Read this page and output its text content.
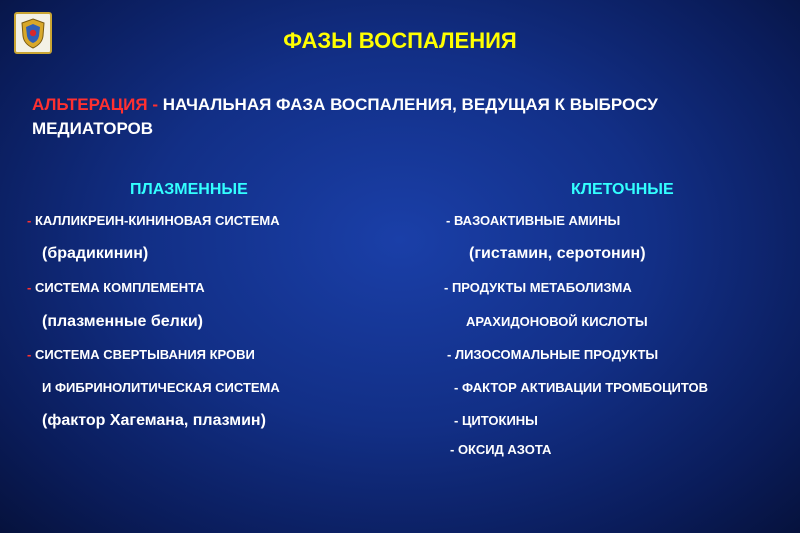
ФАЗЫ ВОСПАЛЕНИЯ
АЛЬТЕРАЦИЯ - НАЧАЛЬНАЯ ФАЗА ВОСПАЛЕНИЯ, ВЕДУЩАЯ К ВЫБРОСУ МЕДИАТОРОВ
ПЛАЗМЕННЫЕ	КЛЕТОЧНЫЕ
- КАЛЛИКРЕИН-КИНИНОВАЯ СИСТЕМА
(брадикинин)
- СИСТЕМА КОМПЛЕМЕНТА
(плазменные белки)
- СИСТЕМА СВЕРТЫВАНИЯ КРОВИ
И ФИБРИНОЛИТИЧЕСКАЯ СИСТЕМА
(фактор Хагемана, плазмин)
- ВАЗОАКТИВНЫЕ АМИНЫ
(гистамин, серотонин)
- ПРОДУКТЫ МЕТАБОЛИЗМА
АРАХИДОНОВОЙ КИСЛОТЫ
- ЛИЗОСОМАЛЬНЫЕ ПРОДУКТЫ
- ФАКТОР АКТИВАЦИИ ТРОМБОЦИТОВ
- ЦИТОКИНЫ
- ОКСИД АЗОТА
